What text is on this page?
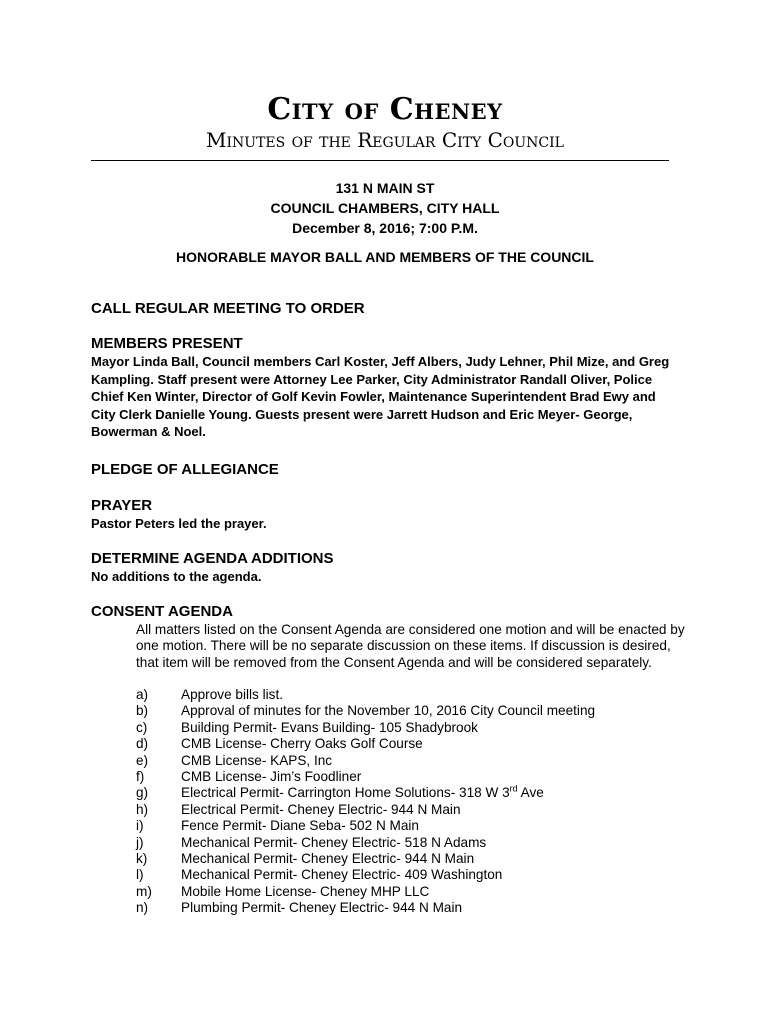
City of Cheney
Minutes of the Regular City Council
131 N MAIN ST
COUNCIL CHAMBERS, CITY HALL
December 8, 2016; 7:00 P.M.
HONORABLE MAYOR BALL AND MEMBERS OF THE COUNCIL
CALL REGULAR MEETING TO ORDER
MEMBERS PRESENT
Mayor Linda Ball, Council members Carl Koster, Jeff Albers, Judy Lehner, Phil Mize, and Greg Kampling. Staff present were Attorney Lee Parker, City Administrator Randall Oliver, Police Chief Ken Winter, Director of Golf Kevin Fowler, Maintenance Superintendent Brad Ewy and City Clerk Danielle Young. Guests present were Jarrett Hudson and Eric Meyer- George, Bowerman & Noel.
PLEDGE OF ALLEGIANCE
PRAYER
Pastor Peters led the prayer.
DETERMINE AGENDA ADDITIONS
No additions to the agenda.
CONSENT AGENDA
All matters listed on the Consent Agenda are considered one motion and will be enacted by one motion. There will be no separate discussion on these items. If discussion is desired, that item will be removed from the Consent Agenda and will be considered separately.
a) Approve bills list.
b) Approval of minutes for the November 10, 2016 City Council meeting
c) Building Permit- Evans Building- 105 Shadybrook
d) CMB License- Cherry Oaks Golf Course
e) CMB License- KAPS, Inc
f)	CMB License- Jim’s Foodliner
g) Electrical Permit- Carrington Home Solutions- 318 W 3rd Ave
h) Electrical Permit- Cheney Electric- 944 N Main
i)	Fence Permit- Diane Seba- 502 N Main
j)	Mechanical Permit- Cheney Electric- 518 N Adams
k) Mechanical Permit- Cheney Electric- 944 N Main
l)	Mechanical Permit- Cheney Electric- 409 Washington
m) Mobile Home License- Cheney MHP LLC
n) Plumbing Permit- Cheney Electric- 944 N Main
